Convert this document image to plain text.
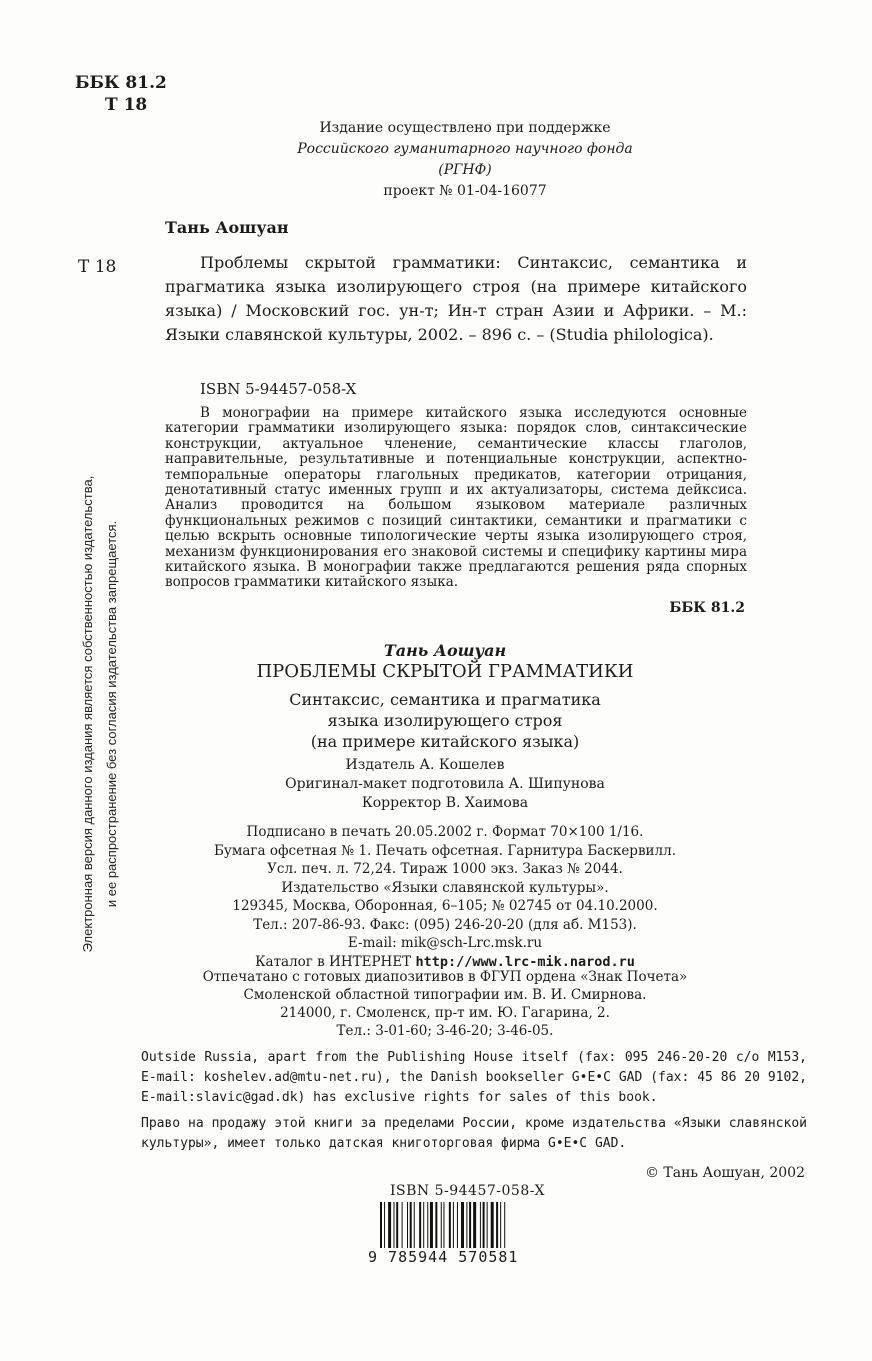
ББК 81.2
Т 18
Издание осуществлено при поддержке
Российского гуманитарного научного фонда
(РГНФ)
проект № 01-04-16077
Тань Аошуан
Т 18	Проблемы скрытой грамматики: Синтаксис, семантика и прагматика языка изолирующего строя (на примере китайского языка) / Московский гос. ун-т; Ин-т стран Азии и Африки. – М.: Языки славянской культуры, 2002. – 896 с. – (Studia philologica).
ISBN 5-94457-058-X
В монографии на примере китайского языка исследуются основные категории грамматики изолирующего языка: порядок слов, синтаксические конструкции, актуальное членение, семантические классы глаголов, направительные, результативные и потенциальные конструкции, аспектно-темпоральные операторы глагольных предикатов, категории отрицания, денотативный статус именных групп и их актуализаторы, система дейксиса. Анализ проводится на большом языковом материале различных функциональных режимов с позиций синтактики, семантики и прагматики с целью вскрыть основные типологические черты языка изолирующего строя, механизм функционирования его знаковой системы и специфику картины мира китайского языка. В монографии также предлагаются решения ряда спорных вопросов грамматики китайского языка.
ББК 81.2
Электронная версия данного издания является собственностью издательства, и ее распространение без согласия издательства запрещается.	Тань Аошуан
ПРОБЛЕМЫ СКРЫТОЙ ГРАММАТИКИ
Синтаксис, семантика и прагматика
языка изолирующего строя
(на примере китайского языка)
Издатель А. Кошелев
Оригинал-макет подготовила А. Шипунова
Корректор В. Хаимова
Подписано в печать 20.05.2002 г. Формат 70×100 1/16.
Бумага офсетная № 1. Печать офсетная. Гарнитура Баскервилл.
Усл. печ. л. 72,24. Тираж 1000 экз. Заказ № 2044.
Издательство «Языки славянской культуры».
129345, Москва, Оборонная, 6–105; № 02745 от 04.10.2000.
Тел.: 207-86-93. Факс: (095) 246-20-20 (для аб. М153).
E-mail: mik@sch-Lrc.msk.ru
Каталог в ИНТЕРНЕТ http://www.lrc-mik.narod.ru
Отпечатано с готовых диапозитивов в ФГУП ордена «Знак Почета»
Смоленской областной типографии им. В. И. Смирнова.
214000, г. Смоленск, пр-т им. Ю. Гагарина, 2.
Тел.: 3-01-60; 3-46-20; 3-46-05.
Outside Russia, apart from the Publishing House itself (fax: 095 246-20-20 c/o M153, E-mail: koshelev.ad@mtu-net.ru), the Danish bookseller G•E•C GAD (fax: 45 86 20 9102, E-mail:slavic@gad.dk) has exclusive rights for sales of this book.
Право на продажу этой книги за пределами России, кроме издательства «Языки славянской культуры», имеет только датская книготорговая фирма G•E•C GAD.
© Тань Аошуан, 2002
ISBN 5-94457-058-X
9 785944 570581
